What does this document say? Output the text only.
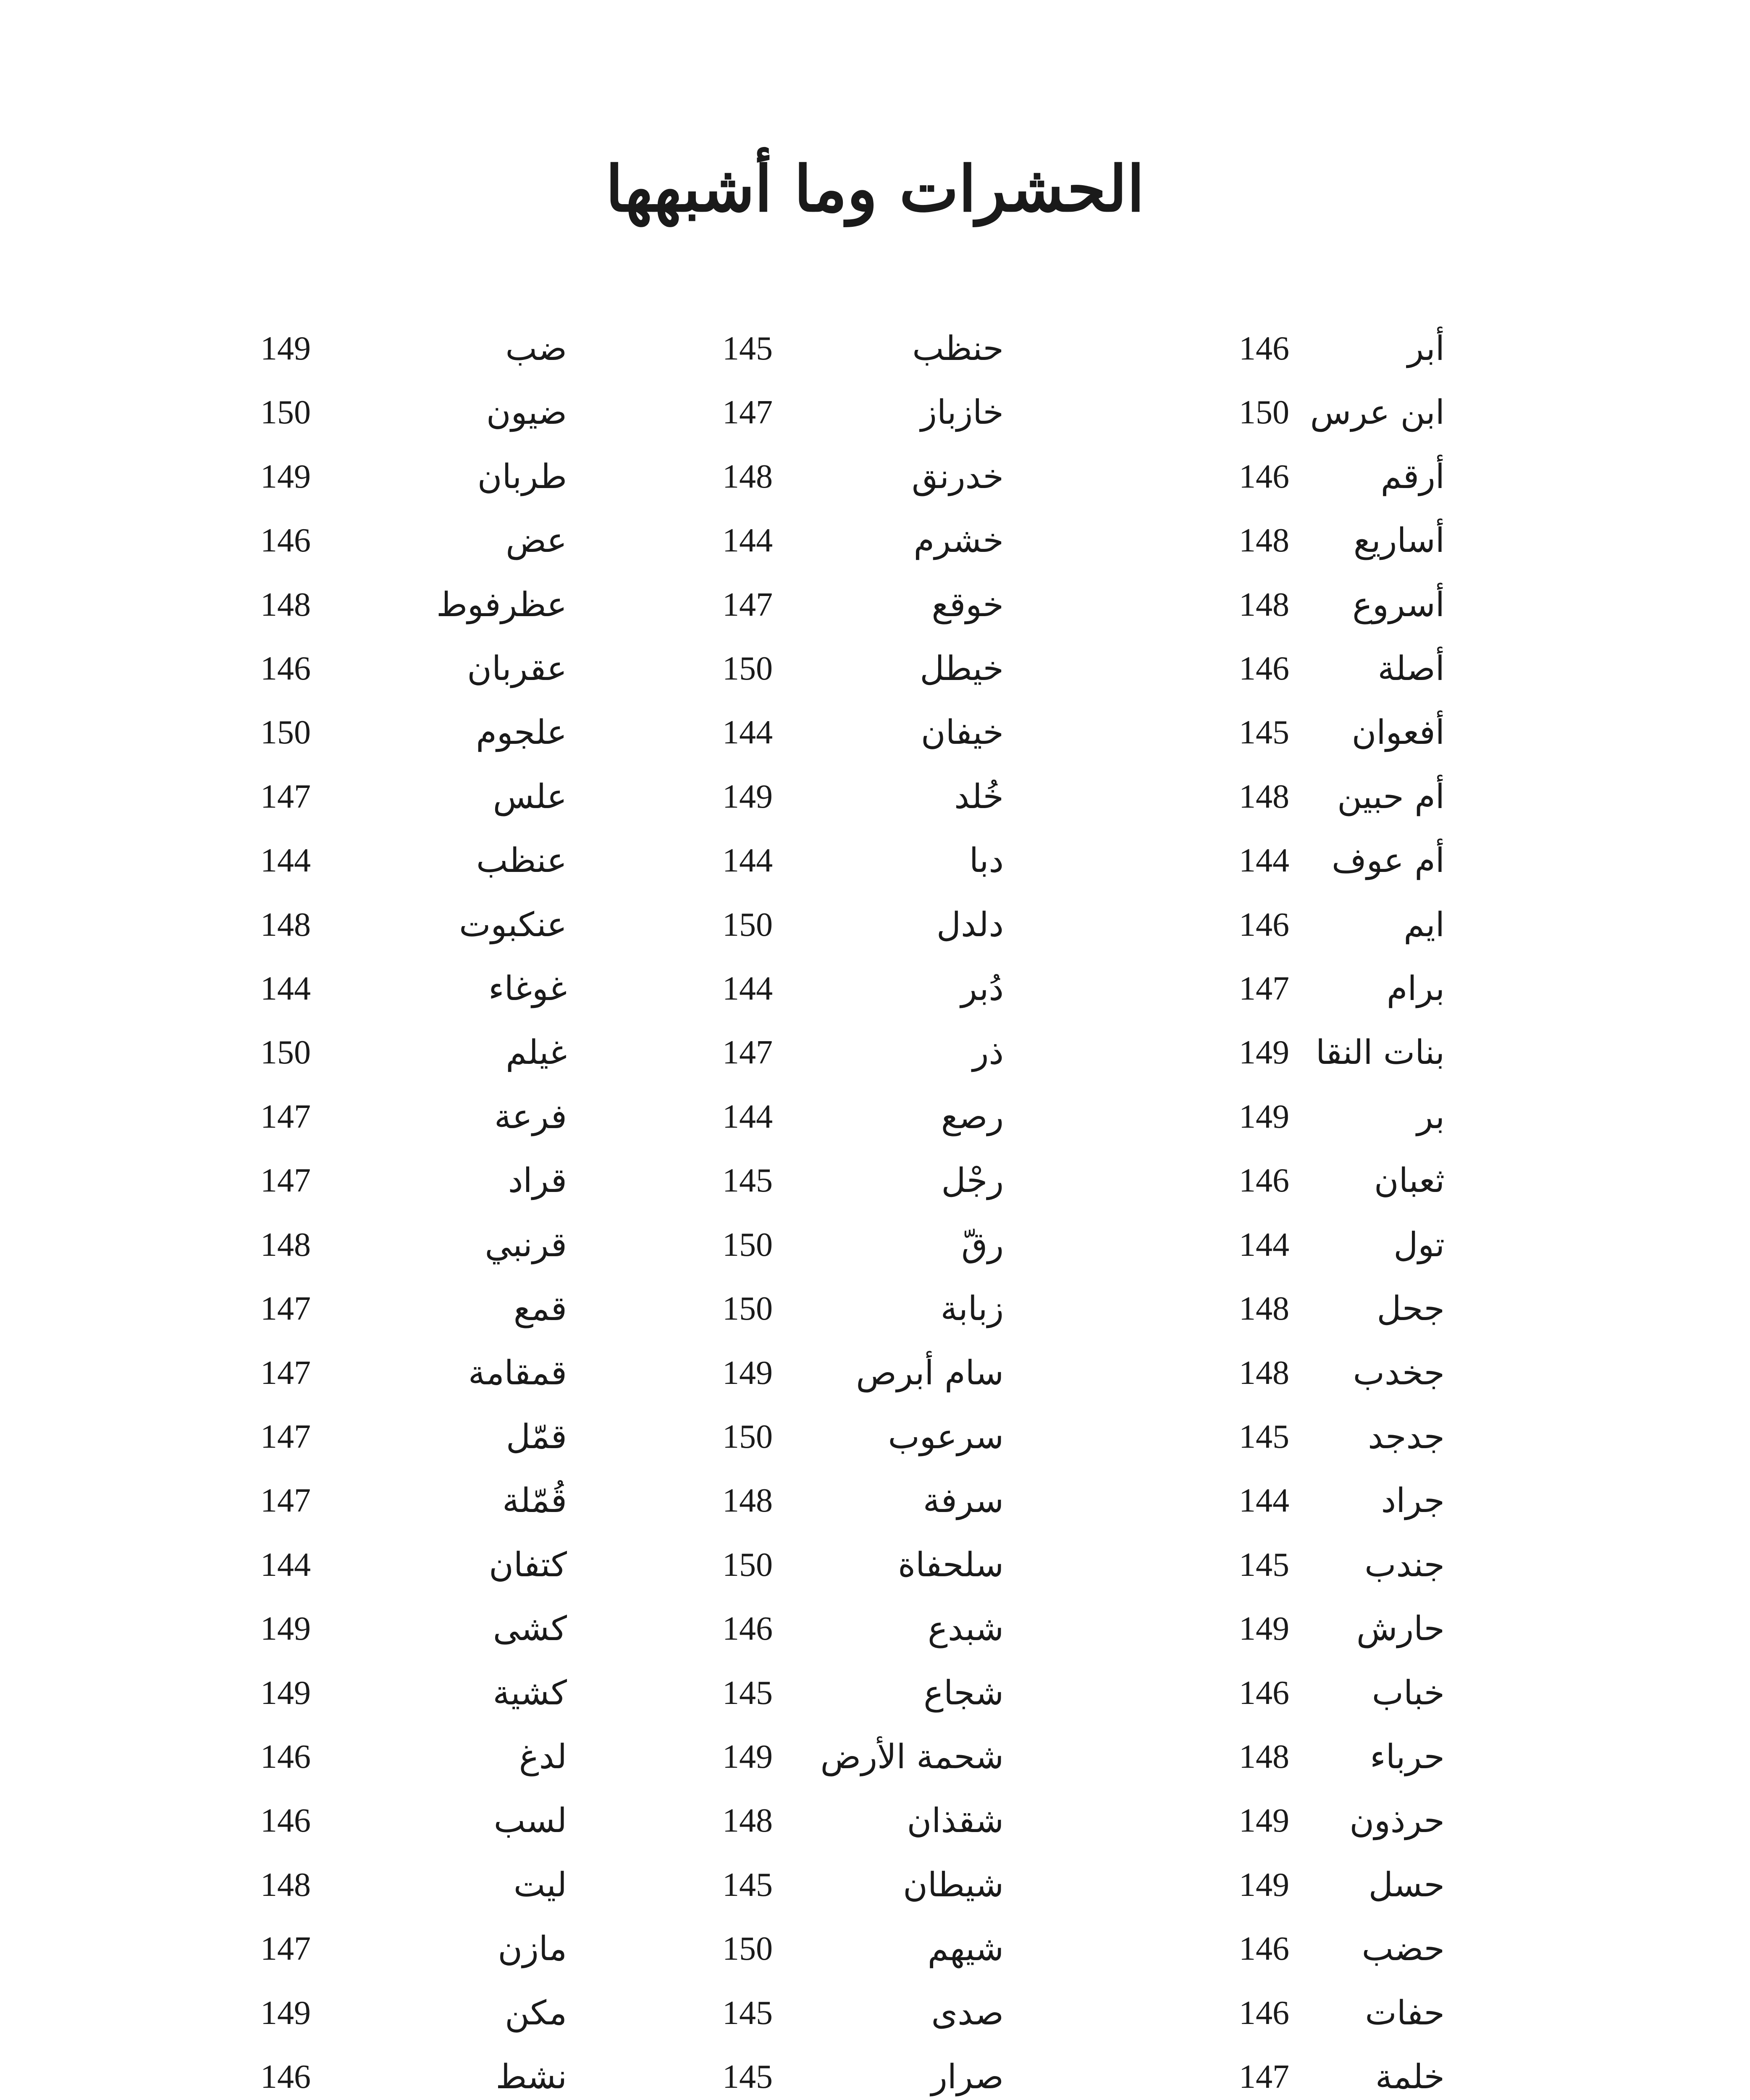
الحشرات وما أشبهها
أبر
146
ابن عرس
150
أرقم
146
أساريع
148
أسروع
148
أصلة
146
أفعوان
145
أم حبين
148
أم عوف
144
ايم
146
برام
147
بنات النقا
149
بر
149
ثعبان
146
تول
144
جحل
148
جخدب
148
جدجد
145
جراد
144
جندب
145
حارش
149
خباب
146
حرباء
148
حرذون
149
حسل
149
حضب
146
حفات
146
خلمة
147
حنظب
145
خازباز
147
خدرنق
148
خشرم
144
خوقع
147
خيطل
150
خيفان
144
خُلد
149
دبا
144
دلدل
150
دُبر
144
ذر
147
رصع
144
رجْل
145
رقّ
150
زبابة
150
سام أبرص
149
سرعوب
150
سرفة
148
سلحفاة
150
شبدع
146
شجاع
145
شحمة الأرض
149
شقذان
148
شيطان
145
شيهم
150
صدى
145
صرار
145
ضب
149
ضيون
150
طربان
149
عض
146
عظرفوط
148
عقربان
146
علجوم
150
علس
147
عنظب
144
عنكبوت
148
غوغاء
144
غيلم
150
فرعة
147
قراد
147
قرنبي
148
قمع
147
قمقامة
147
قمّل
147
قُمّلة
147
كتفان
144
كشى
149
كشية
149
لدغ
146
لسب
146
ليت
148
مازن
147
مكن
149
نشط
146
